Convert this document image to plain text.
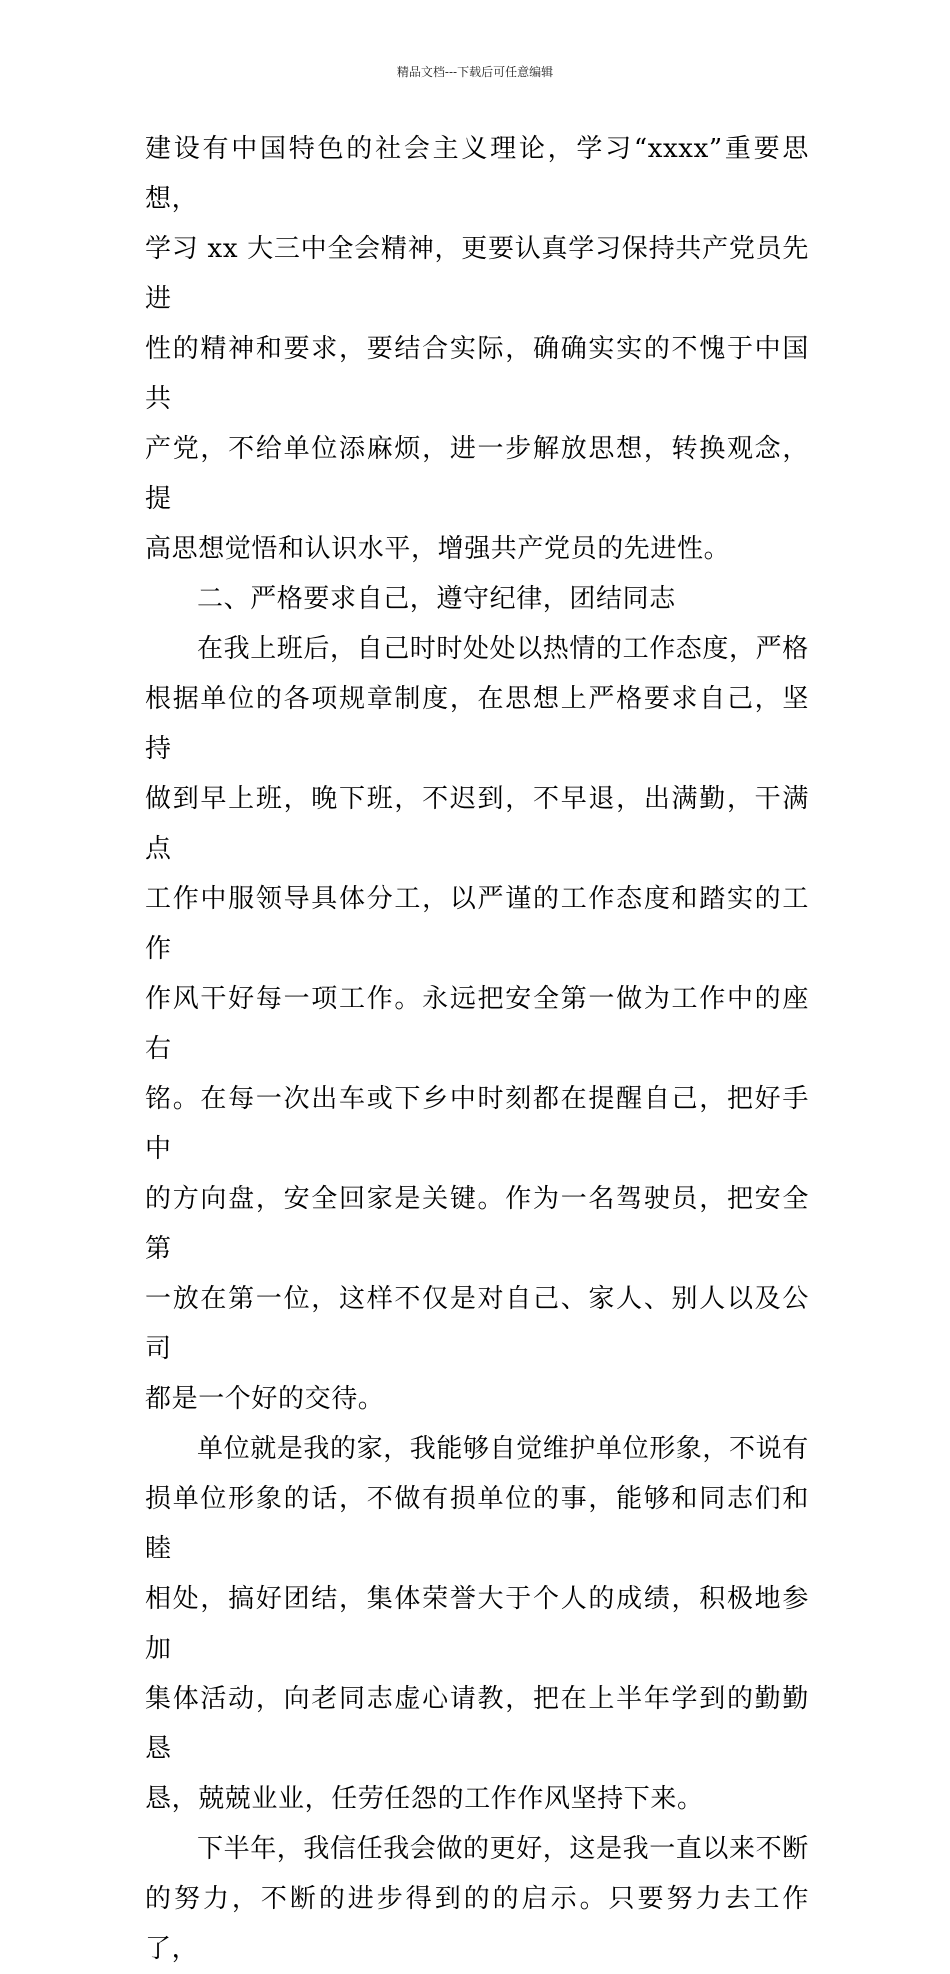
精品文档---下载后可任意编辑

建设有中国特色的社会主义理论，学习“xxxx”重要思想，
学习 xx 大三中全会精神，更要认真学习保持共产党员先进
性的精神和要求，要结合实际，确确实实的不愧于中国共
产党，不给单位添麻烦，进一步解放思想，转换观念，提
高思想觉悟和认识水平，增强共产党员的先进性。

二、严格要求自己，遵守纪律，团结同志

在我上班后，自己时时处处以热情的工作态度，严格
根据单位的各项规章制度，在思想上严格要求自己，坚持
做到早上班，晚下班，不迟到，不早退，出满勤，干满点
工作中服领导具体分工，以严谨的工作态度和踏实的工作
作风干好每一项工作。永远把安全第一做为工作中的座右
铭。在每一次出车或下乡中时刻都在提醒自己，把好手中
的方向盘，安全回家是关键。作为一名驾驶员，把安全第
一放在第一位，这样不仅是对自己、家人、别人以及公司
都是一个好的交待。

单位就是我的家，我能够自觉维护单位形象，不说有
损单位形象的话，不做有损单位的事，能够和同志们和睦
相处，搞好团结，集体荣誉大于个人的成绩，积极地参加
集体活动，向老同志虚心请教，把在上半年学到的勤勤恳
恳，兢兢业业，任劳任怨的工作作风坚持下来。

下半年，我信任我会做的更好，这是我一直以来不断
的努力，不断的进步得到的的启示。只要努力去工作了，
